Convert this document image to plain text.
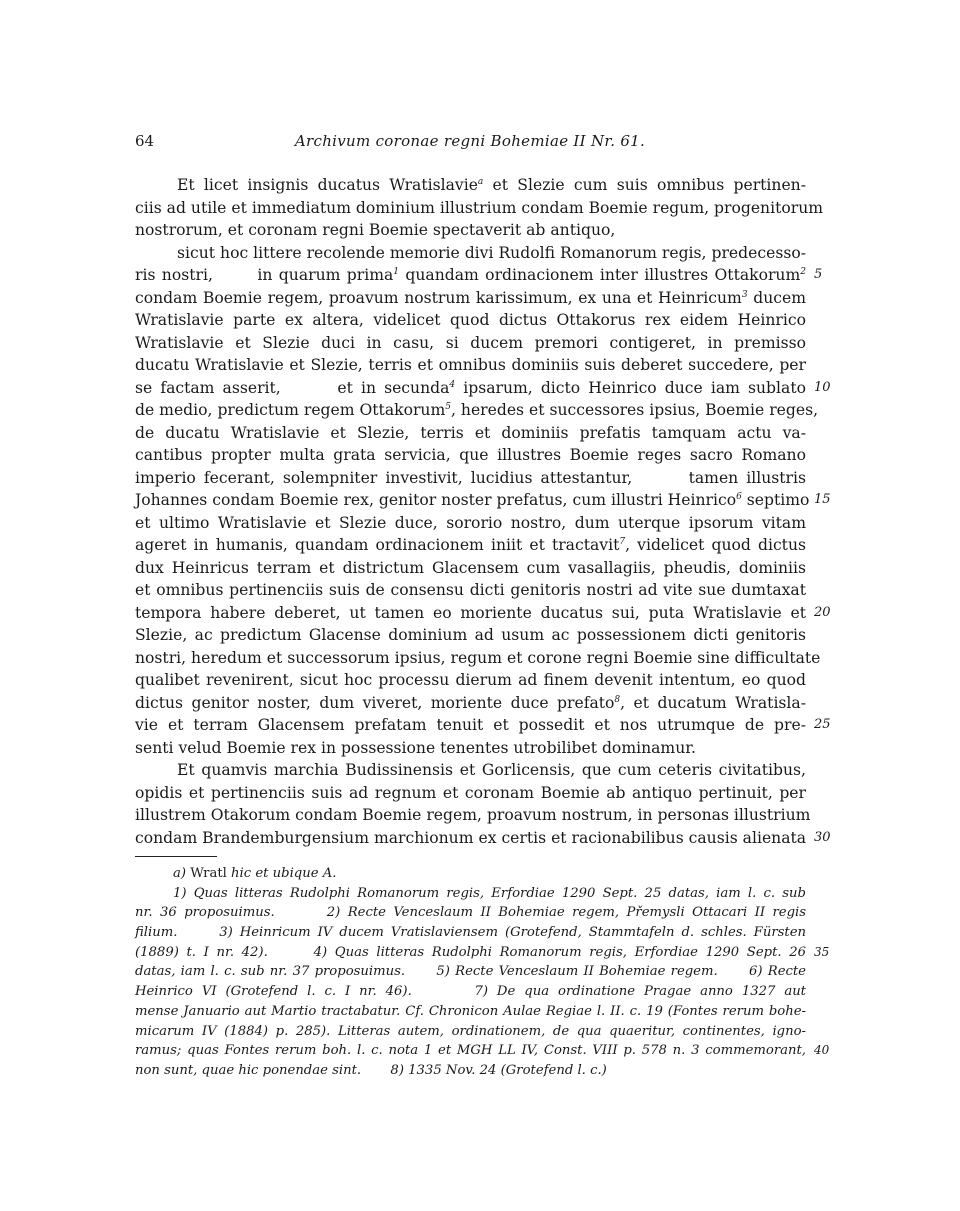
64	Archivum coronae regni Bohemiae II Nr. 61.
Et licet insignis ducatus Wratislavie$^a$ et Slezie cum suis omnibus pertinen-
ciis ad utile et immediatum dominium illustrium condam Boemie regum, progenitorum
nostrorum, et coronam regni Boemie spectaverit ab antiquo,
sicut hoc littere recolende memorie divi Rudolfi Romanorum regis, predecesso-
ris nostri,       in quarum prima$^1$ quandam ordinacionem inter illustres Ottakorum$^2$ 5
condam Boemie regem, proavum nostrum karissimum, ex una et Heinricum$^3$ ducem
Wratislavie parte ex altera, videlicet quod dictus Ottakorus rex eidem Heinrico
Wratislavie et Slezie duci in casu, si ducem premori contigeret, in premisso
ducatu Wratislavie et Slezie, terris et omnibus dominiis suis deberet succedere, per
se factam asserit,       et in secunda$^4$ ipsarum, dicto Heinrico duce iam sublato 10
de medio, predictum regem Ottakorum$^5$, heredes et successores ipsius, Boemie reges,
de ducatu Wratislavie et Slezie, terris et dominiis prefatis tamquam actu va-
cantibus propter multa grata servicia, que illustres Boemie reges sacro Romano
imperio fecerant, solempniter investivit, lucidius attestantur,       tamen illustris
Johannes condam Boemie rex, genitor noster prefatus, cum illustri Heinrico$^6$ septimo 15
et ultimo Wratislavie et Slezie duce, sororio nostro, dum uterque ipsorum vitam
ageret in humanis, quandam ordinacionem iniit et tractavit$^7$, videlicet quod dictus
dux Heinricus terram et districtum Glacensem cum vasallagiis, pheudis, dominiis
et omnibus pertinenciis suis de consensu dicti genitoris nostri ad vite sue dumtaxat
tempora habere deberet, ut tamen eo moriente ducatus sui, puta Wratislavie et 20
Slezie, ac predictum Glacense dominium ad usum ac possessionem dicti genitoris
nostri, heredum et successorum ipsius, regum et corone regni Boemie sine difficultate
qualibet revenirent, sicut hoc processu dierum ad finem devenit intentum, eo quod
dictus genitor noster, dum viveret, moriente duce prefato$^8$, et ducatum Wratisla-
vie et terram Glacensem prefatam tenuit et possedit et nos utrumque de pre- 25
senti velud Boemie rex in possessione tenentes utrobilibet dominamur.
Et quamvis marchia Budissinensis et Gorlicensis, que cum ceteris civitatibus,
opidis et pertinenciis suis ad regnum et coronam Boemie ab antiquo pertinuit, per
illustrem Otakorum condam Boemie regem, proavum nostrum, in personas illustrium
condam Brandemburgensium marchionum ex certis et racionabilibus causis alienata 30
a) Wratl hic et ubique A.
1) Quas litteras Rudolphi Romanorum regis, Erfordiae 1290 Sept. 25 datas, iam l. c. sub
nr. 36 proposuimus.       2) Recte Venceslaum II Bohemiae regem, Přemysli Ottacari II regis
filium.      3) Heinricum IV ducem Vratislaviensem (Grotefend, Stammtafeln d. schles. Fürsten
(1889) t. I nr. 42).      4) Quas litteras Rudolphi Romanorum regis, Erfordiae 1290 Sept. 26 35
datas, iam l. c. sub nr. 37 proposuimus.      5) Recte Venceslaum II Bohemiae regem.      6) Recte
Heinrico VI (Grotefend l. c. I nr. 46).       7) De qua ordinatione Pragae anno 1327 aut
mense Januario aut Martio tractabatur. Cf. Chronicon Aulae Regiae l. II. c. 19 (Fontes rerum bohe-
micarum IV (1884) p. 285). Litteras autem, ordinationem, de qua quaeritur, continentes, igno-
ramus; quas Fontes rerum boh. l. c. nota 1 et MGH LL IV, Const. VIII p. 578 n. 3 commemorant, 40
non sunt, quae hic ponendae sint.       8) 1335 Nov. 24 (Grotefend l. c.)
